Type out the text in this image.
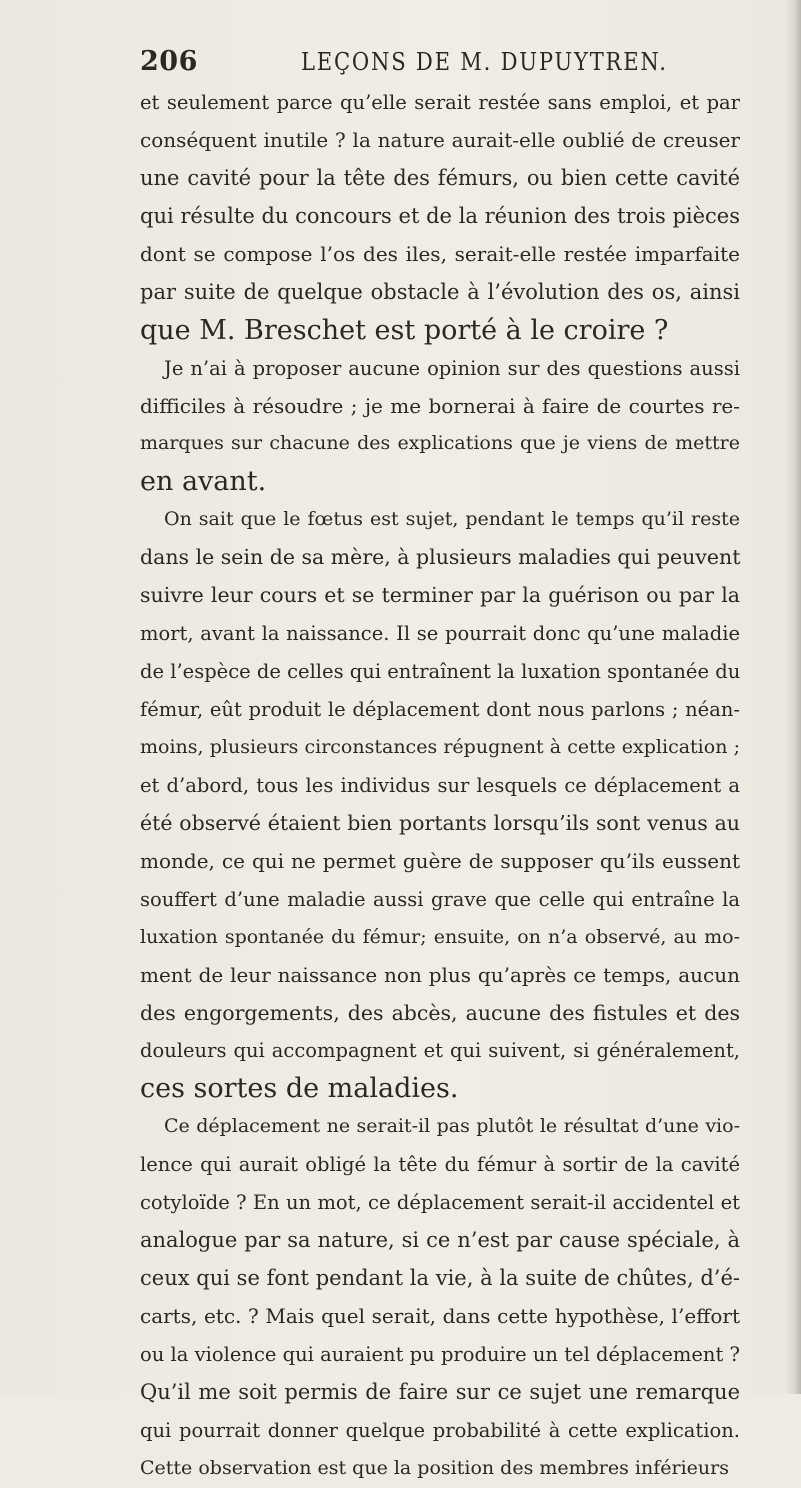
206	LEÇONS DE M. DUPUYTREN.
et seulement parce qu’elle serait restée sans emploi, et par
conséquent inutile ? la nature aurait-elle oublié de creuser
une cavité pour la tête des fémurs, ou bien cette cavité
qui résulte du concours et de la réunion des trois pièces
dont se compose l’os des iles, serait-elle restée imparfaite
par suite de quelque obstacle à l’évolution des os, ainsi
que M. Breschet est porté à le croire ?
Je n’ai à proposer aucune opinion sur des questions aussi
difficiles à résoudre ; je me bornerai à faire de courtes re-
marques sur chacune des explications que je viens de mettre
en avant.
On sait que le fœtus est sujet, pendant le temps qu’il reste
dans le sein de sa mère, à plusieurs maladies qui peuvent
suivre leur cours et se terminer par la guérison ou par la
mort, avant la naissance. Il se pourrait donc qu’une maladie
de l’espèce de celles qui entraînent la luxation spontanée du
fémur, eût produit le déplacement dont nous parlons ; néan-
moins, plusieurs circonstances répugnent à cette explication ;
et d’abord, tous les individus sur lesquels ce déplacement a
été observé étaient bien portants lorsqu’ils sont venus au
monde, ce qui ne permet guère de supposer qu’ils eussent
souffert d’une maladie aussi grave que celle qui entraîne la
luxation spontanée du fémur; ensuite, on n’a observé, au mo-
ment de leur naissance non plus qu’après ce temps, aucun
des engorgements, des abcès, aucune des fistules et des
douleurs qui accompagnent et qui suivent, si généralement,
ces sortes de maladies.
Ce déplacement ne serait-il pas plutôt le résultat d’une vio-
lence qui aurait obligé la tête du fémur à sortir de la cavité
cotyloïde ? En un mot, ce déplacement serait-il accidentel et
analogue par sa nature, si ce n’est par cause spéciale, à
ceux qui se font pendant la vie, à la suite de chûtes, d’é-
carts, etc. ? Mais quel serait, dans cette hypothèse, l’effort
ou la violence qui auraient pu produire un tel déplacement ?
Qu’il me soit permis de faire sur ce sujet une remarque
qui pourrait donner quelque probabilité à cette explication.
Cette observation est que la position des membres inférieurs
